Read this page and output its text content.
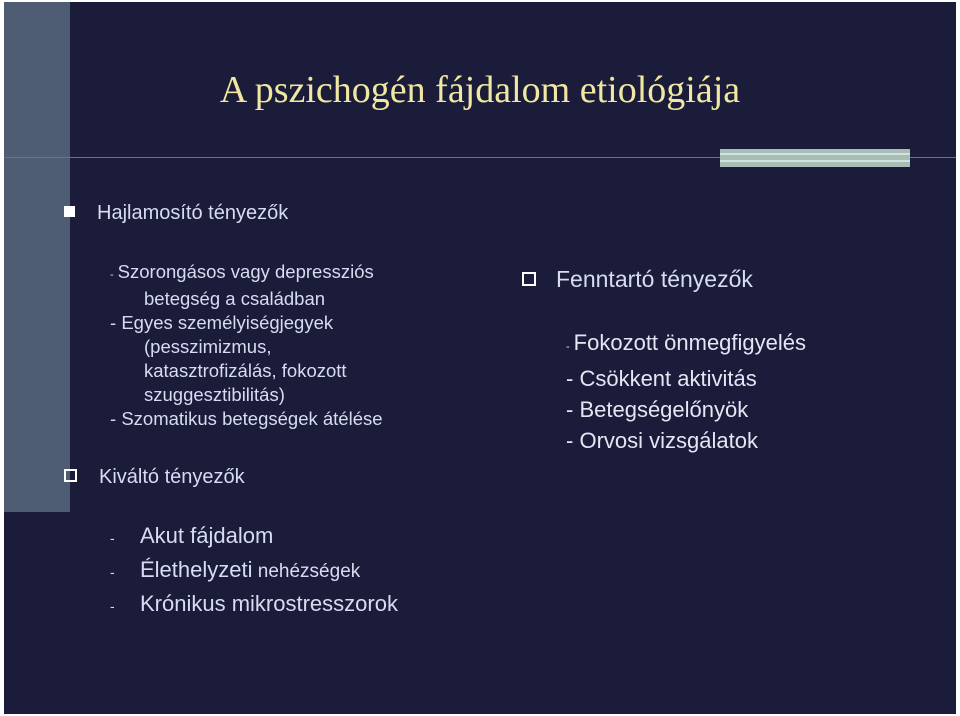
A pszichogén fájdalom etiológiája
Hajlamosító tényezők
- Szorongásos vagy depressziós
betegség a családban
- Egyes személyiségjegyek
(pesszimizmus,
katasztrofizálás, fokozott
szuggesztibilitás)
- Szomatikus betegségek átélése
Kiváltó tényezők
- Akut fájdalom
- Élethelyzeti nehézségek
- Krónikus mikrostresszorok
Fenntartó tényezők
- Fokozott önmegfigyelés
- Csökkent aktivitás
- Betegségelőnyök
- Orvosi vizsgálatok
